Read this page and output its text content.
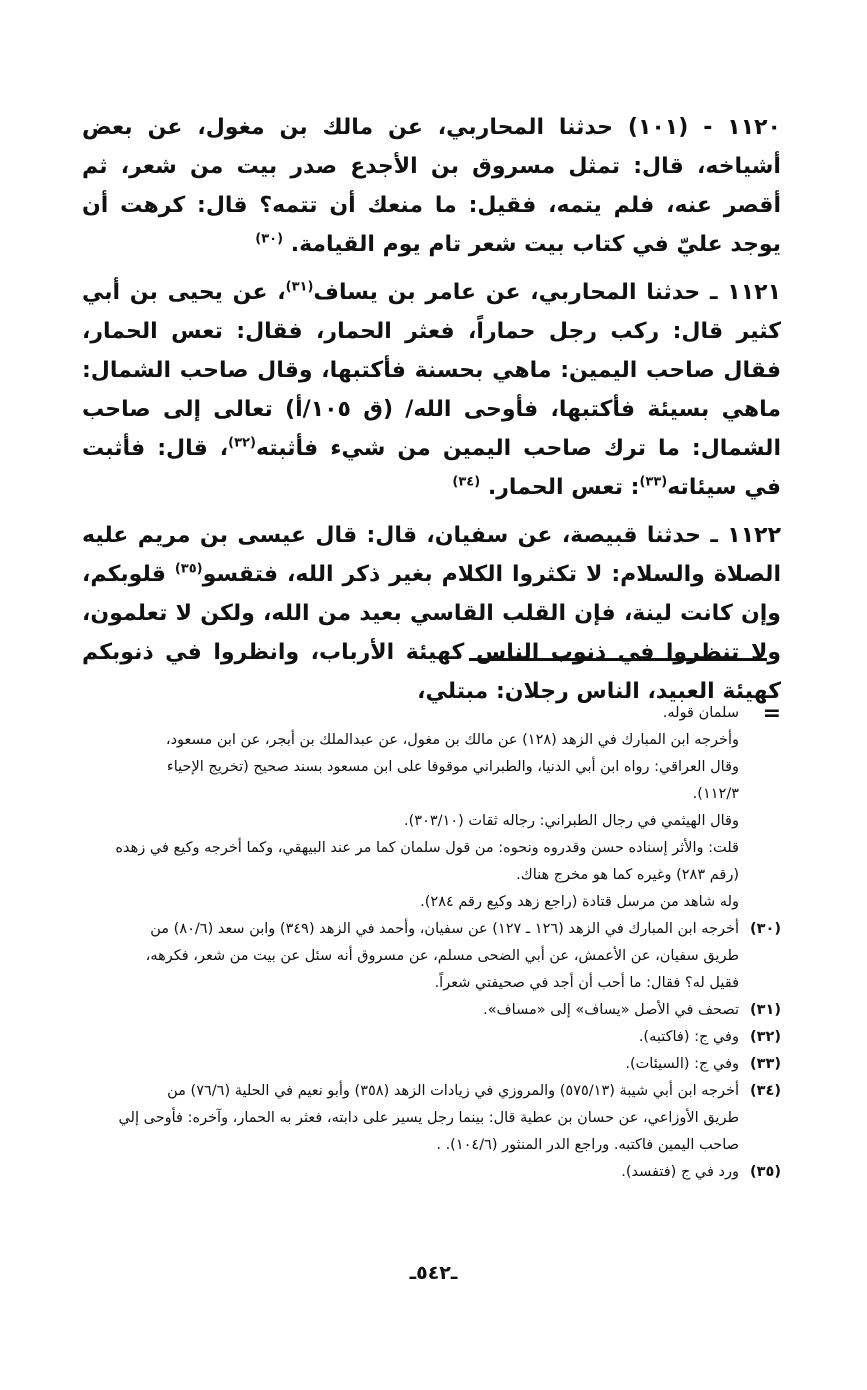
١١٢٠ - (١٠١) حدثنا المحاربي، عن مالك بن مغول، عن بعض أشياخه، قال: تمثل مسروق بن الأجدع صدر بيت من شعر، ثم أقصر عنه، فلم يتمه، فقيل: ما منعك أن تتمه؟ قال: كرهت أن يوجد عليّ في كتاب بيت شعر تام يوم القيامة. $^{(٣٠)}$

١١٢١ ـ حدثنا المحاربي، عن عامر بن يساف$^{(٣١)}$، عن يحيى بن أبي كثير قال: ركب رجل حماراً، فعثر الحمار، فقال: تعس الحمار، فقال صاحب اليمين: ماهي بحسنة فأكتبها، وقال صاحب الشمال: ماهي بسيئة فأكتبها، فأوحى الله/ (ق ١٠٥/أ) تعالى إلى صاحب الشمال: ما ترك صاحب اليمين من شيء فأثبته$^{(٣٢)}$، قال: فأثبت في سيئاته$^{(٣٣)}$: تعس الحمار. $^{(٣٤)}$

١١٢٢ ـ حدثنا قبيصة، عن سفيان، قال: قال عيسى بن مريم عليه الصلاة والسلام: لا تكثروا الكلام بغير ذكر الله، فتقسو$^{(٣٥)}$ قلوبكم، وإن كانت لينة، فإن القلب القاسي بعيد من الله، ولكن لا تعلمون، ولا تنظروا في ذنوب الناس كهيئة الأرباب، وانظروا في ذنوبكم كهيئة العبيد، الناس رجلان: مبتلي،

=
سلمان قوله.
وأخرجه ابن المبارك في الزهد (١٢٨) عن مالك بن مغول، عن عبدالملك بن أبجر، عن ابن مسعود،
وقال العراقي: رواه ابن أبي الدنيا، والطبراني موقوفا على ابن مسعود بسند صحيح (تخريج الإحياء
١١٢/٣).
وقال الهيثمي في رجال الطبراني: رجاله ثقات (٣٠٣/١٠).
قلت: والأثر إسناده حسن وقدروه ونحوه: من قول سلمان كما مر عند البيهقي، وكما أخرجه وكيع في زهده
(رقم ٢٨٣) وغيره كما هو مخرج هناك.
وله شاهد من مرسل قتادة (راجع زهد وكيع رقم ٢٨٤).
(٣٠)
أخرجه ابن المبارك في الزهد (١٢٦ ـ ١٢٧) عن سفيان، وأحمد في الزهد (٣٤٩) وابن سعد (٨٠/٦) من
طريق سفيان، عن الأعمش، عن أبي الضحى مسلم، عن مسروق أنه سئل عن بيت من شعر، فكرهه،
فقيل له؟ فقال: ما أحب أن أجد في صحيفتي شعراً.
(٣١)
تصحف في الأصل «يساف» إلى «مساف».
(٣٢)
وفي ج: (فاكتبه).
(٣٣)
وفي ج: (السيئات).
(٣٤)
أخرجه ابن أبي شيبة (٥٧٥/١٣) والمروزي في زيادات الزهد (٣٥٨) وأبو نعيم في الحلية (٧٦/٦) من
طريق الأوزاعي، عن حسان بن عطية قال: بينما رجل يسير على دابته، فعثر به الحمار، وآخره: فأوحى إلي
صاحب اليمين فاكتبه. وراجع الدر المنثور (١٠٤/٦). .
(٣٥)
ورد في ج (فتفسد).
ـ٥٤٢ـ
